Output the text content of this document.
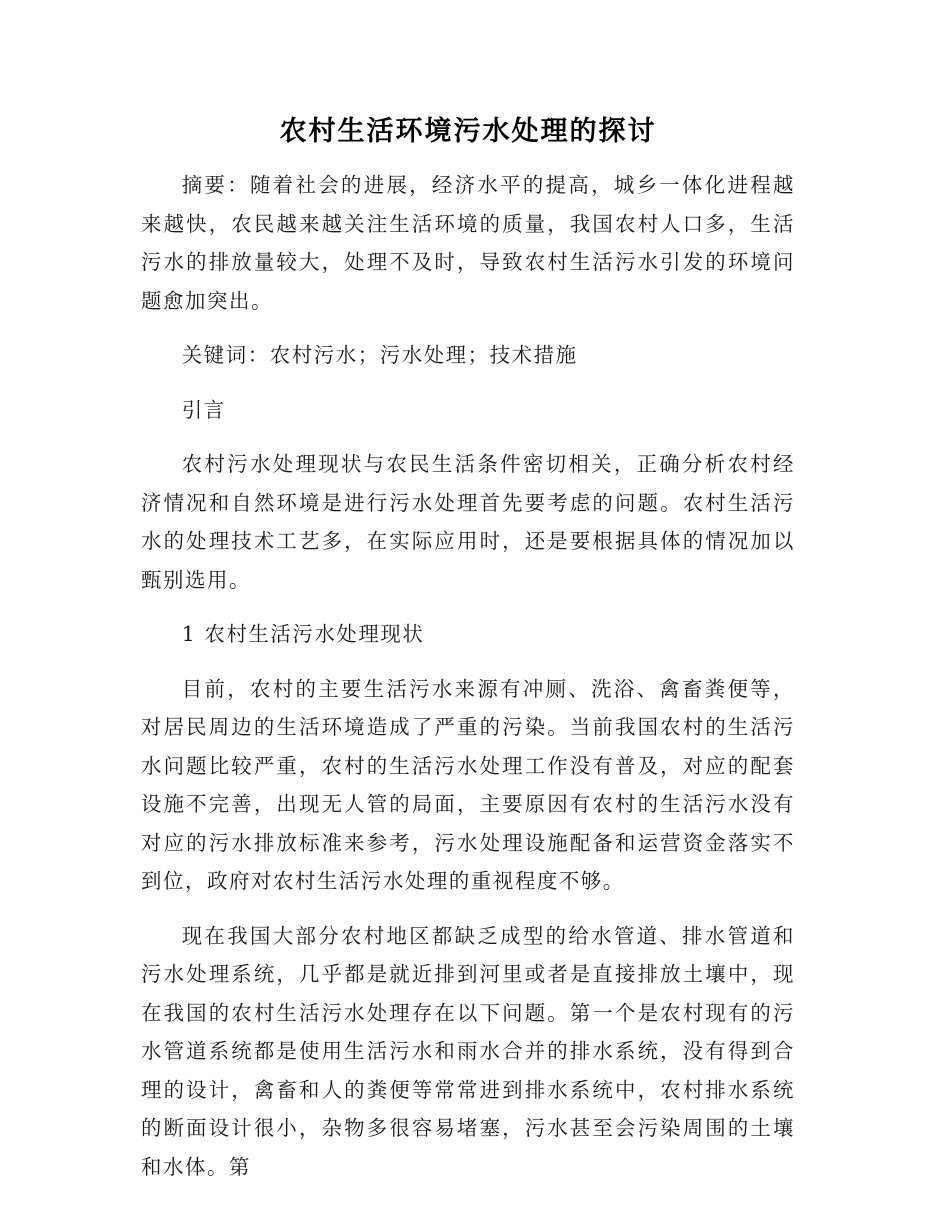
农村生活环境污水处理的探讨

摘要：随着社会的进展，经济水平的提高，城乡一体化进程越来越快，农民越来越关注生活环境的质量，我国农村人口多，生活污水的排放量较大，处理不及时，导致农村生活污水引发的环境问题愈加突出。

关键词：农村污水；污水处理；技术措施

引言

农村污水处理现状与农民生活条件密切相关，正确分析农村经济情况和自然环境是进行污水处理首先要考虑的问题。农村生活污水的处理技术工艺多，在实际应用时，还是要根据具体的情况加以甄别选用。

1 农村生活污水处理现状

目前，农村的主要生活污水来源有冲厕、洗浴、禽畜粪便等，对居民周边的生活环境造成了严重的污染。当前我国农村的生活污水问题比较严重，农村的生活污水处理工作没有普及，对应的配套设施不完善，出现无人管的局面，主要原因有农村的生活污水没有对应的污水排放标准来参考，污水处理设施配备和运营资金落实不到位，政府对农村生活污水处理的重视程度不够。

现在我国大部分农村地区都缺乏成型的给水管道、排水管道和污水处理系统，几乎都是就近排到河里或者是直接排放土壤中，现在我国的农村生活污水处理存在以下问题。第一个是农村现有的污水管道系统都是使用生活污水和雨水合并的排水系统，没有得到合理的设计，禽畜和人的粪便等常常进到排水系统中，农村排水系统的断面设计很小，杂物多很容易堵塞，污水甚至会污染周围的土壤和水体。第
